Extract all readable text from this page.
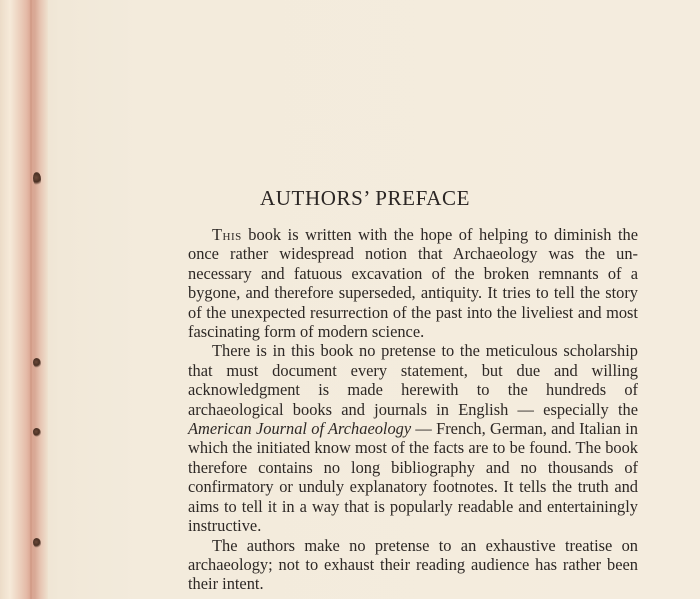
AUTHORS’ PREFACE

This book is written with the hope of helping to diminish the once rather widespread notion that Archaeology was the unnecessary and fatuous excavation of the broken remnants of a bygone, and therefore superseded, antiquity. It tries to tell the story of the unexpected resurrection of the past into the liveliest and most fascinating form of modern science.

There is in this book no pretense to the meticulous scholarship that must document every statement, but due and willing acknowledgment is made herewith to the hundreds of archaeological books and journals in English — especially the American Journal of Archaeology — French, German, and Italian in which the initiated know most of the facts are to be found. The book therefore contains no long bibliography and no thousands of confirmatory or unduly explanatory footnotes. It tells the truth and aims to tell it in a way that is popularly readable and entertainingly instructive.

The authors make no pretense to an exhaustive treatise on archaeology; not to exhaust their reading audience has rather been their intent.
